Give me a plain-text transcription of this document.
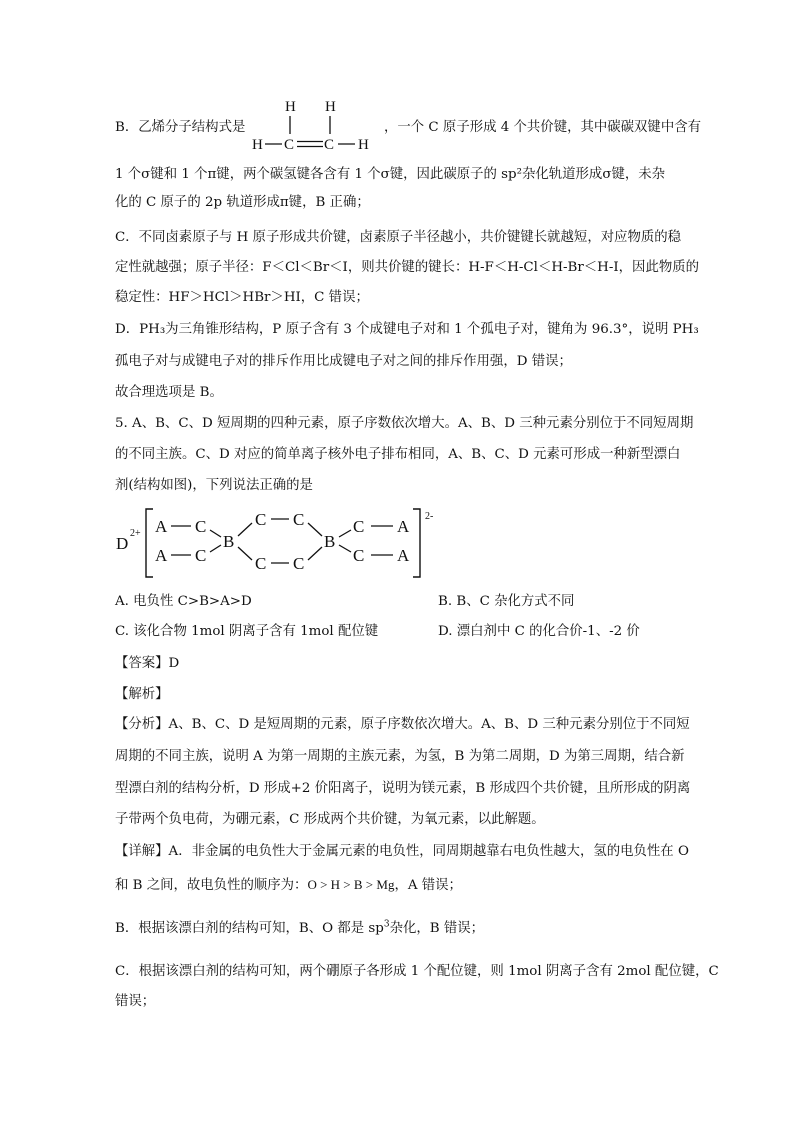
B．乙烯分子结构式是
H H
H C C H
，一个 C 原子形成 4 个共价键，其中碳碳双键中含有
1 个σ键和 1 个π键，两个碳氢键各含有 1 个σ键，因此碳原子的 sp²杂化轨道形成σ键，未杂
化的 C 原子的 2p 轨道形成π键，B 正确；
C．不同卤素原子与 H 原子形成共价键，卤素原子半径越小，共价键键长就越短，对应物质的稳
定性就越强；原子半径：F＜Cl＜Br＜I，则共价键的键长：H-F＜H-Cl＜H-Br＜H-I，因此物质的
稳定性：HF＞HCl＞HBr＞HI，C 错误；
D．PH₃为三角锥形结构，P 原子含有 3 个成键电子对和 1 个孤电子对，键角为 96.3°，说明 PH₃
孤电子对与成键电子对的排斥作用比成键电子对之间的排斥作用强，D 错误；
故合理选项是 B。
5. A、B、C、D 短周期的四种元素，原子序数依次增大。A、B、D 三种元素分别位于不同短周期
的不同主族。C、D 对应的简单离子核外电子排布相同，A、B、C、D 元素可形成一种新型漂白
剂(结构如图)，下列说法正确的是
D
2+ A C
A C
B
C C
C C
B
C A
C A
2-
A. 电负性 C>B>A>D	B. B、C 杂化方式不同
C. 该化合物 1mol 阴离子含有 1mol 配位键	D. 漂白剂中 C 的化合价-1、-2 价
【答案】D
【解析】
【分析】A、B、C、D 是短周期的元素，原子序数依次增大。A、B、D 三种元素分别位于不同短
周期的不同主族，说明 A 为第一周期的主族元素，为氢，B 为第二周期，D 为第三周期，结合新
型漂白剂的结构分析，D 形成+2 价阳离子，说明为镁元素，B 形成四个共价键，且所形成的阴离
子带两个负电荷，为硼元素，C 形成两个共价键，为氧元素，以此解题。
【详解】A．非金属的电负性大于金属元素的电负性，同周期越靠右电负性越大，氢的电负性在 O
和 B 之间，故电负性的顺序为：O > H > B > Mg，A 错误；
B．根据该漂白剂的结构可知，B、O 都是 $sp^3$杂化，B 错误；
C．根据该漂白剂的结构可知，两个硼原子各形成 1 个配位键，则 1mol 阴离子含有 2mol 配位键，C
错误；
